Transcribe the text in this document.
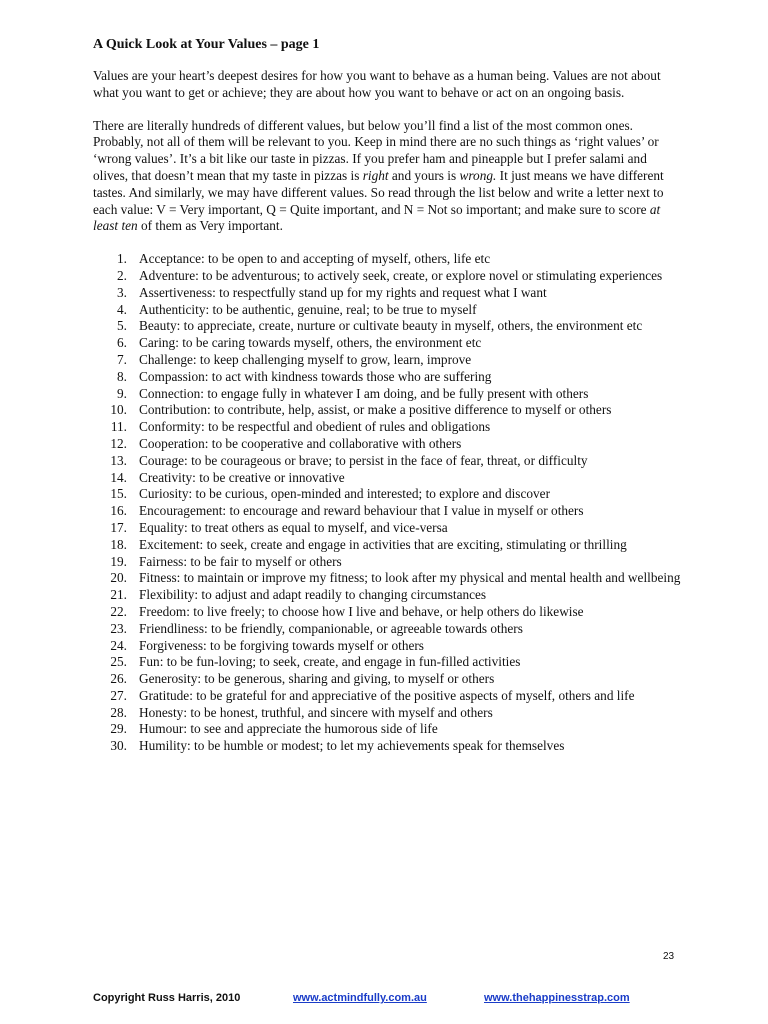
A Quick Look at Your Values – page 1

Values are your heart’s deepest desires for how you want to behave as a human being. Values are not about what you want to get or achieve; they are about how you want to behave or act on an ongoing basis.

There are literally hundreds of different values, but below you’ll find a list of the most common ones. Probably, not all of them will be relevant to you. Keep in mind there are no such things as ‘right values’ or ‘wrong values’. It’s a bit like our taste in pizzas. If you prefer ham and pineapple but I prefer salami and olives, that doesn’t mean that my taste in pizzas is right and yours is wrong. It just means we have different tastes. And similarly, we may have different values. So read through the list below and write a letter next to each value: V = Very important, Q = Quite important, and N = Not so important; and make sure to score at least ten of them as Very important.

1. Acceptance: to be open to and accepting of myself, others, life etc
2. Adventure: to be adventurous; to actively seek, create, or explore novel or stimulating experiences
3. Assertiveness: to respectfully stand up for my rights and request what I want
4. Authenticity: to be authentic, genuine, real; to be true to myself
5. Beauty: to appreciate, create, nurture or cultivate beauty in myself, others, the environment etc
6. Caring: to be caring towards myself, others, the environment etc
7. Challenge: to keep challenging myself to grow, learn, improve
8. Compassion: to act with kindness towards those who are suffering
9. Connection: to engage fully in whatever I am doing, and be fully present with others
10. Contribution: to contribute, help, assist, or make a positive difference to myself or others
11. Conformity: to be respectful and obedient of rules and obligations
12. Cooperation: to be cooperative and collaborative with others
13. Courage: to be courageous or brave; to persist in the face of fear, threat, or difficulty
14. Creativity: to be creative or innovative
15. Curiosity: to be curious, open-minded and interested; to explore and discover
16. Encouragement: to encourage and reward behaviour that I value in myself or others
17. Equality: to treat others as equal to myself, and vice-versa
18. Excitement: to seek, create and engage in activities that are exciting, stimulating or thrilling
19. Fairness: to be fair to myself or others
20. Fitness: to maintain or improve my fitness; to look after my physical and mental health and wellbeing
21. Flexibility: to adjust and adapt readily to changing circumstances
22. Freedom: to live freely; to choose how I live and behave, or help others do likewise
23. Friendliness: to be friendly, companionable, or agreeable towards others
24. Forgiveness: to be forgiving towards myself or others
25. Fun: to be fun-loving; to seek, create, and engage in fun-filled activities
26. Generosity: to be generous, sharing and giving, to myself or others
27. Gratitude: to be grateful for and appreciative of the positive aspects of myself, others and life
28. Honesty: to be honest, truthful, and sincere with myself and others
29. Humour: to see and appreciate the humorous side of life
30. Humility: to be humble or modest; to let my achievements speak for themselves
23
Copyright Russ Harris, 2010	www.actmindfully.com.au	www.thehappinesstrap.com
